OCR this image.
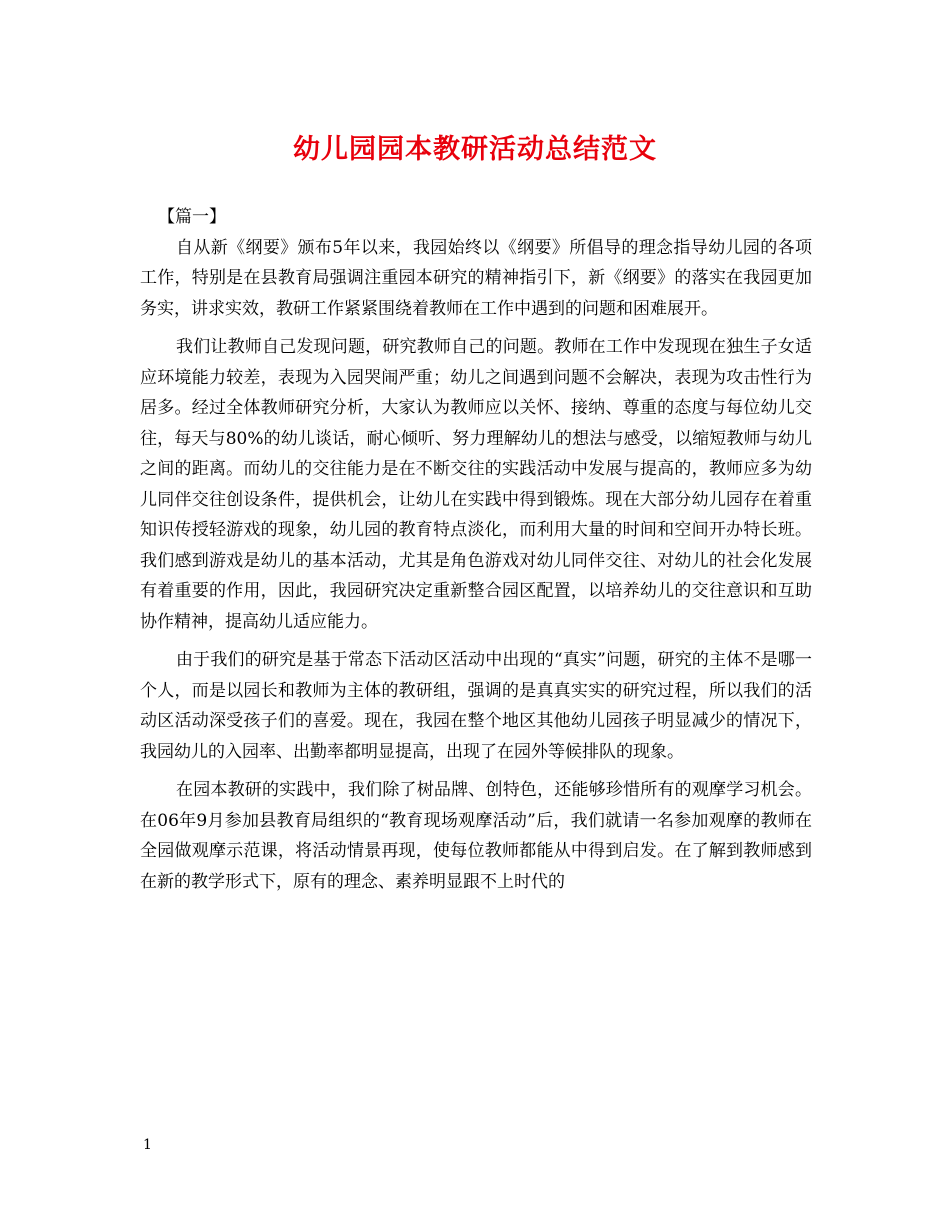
幼儿园园本教研活动总结范文

【篇一】

自从新《纲要》颁布5年以来，我园始终以《纲要》所倡导的理念指导幼儿园的各项工作，特别是在县教育局强调注重园本研究的精神指引下，新《纲要》的落实在我园更加务实，讲求实效，教研工作紧紧围绕着教师在工作中遇到的问题和困难展开。

我们让教师自己发现问题，研究教师自己的问题。教师在工作中发现现在独生子女适应环境能力较差，表现为入园哭闹严重；幼儿之间遇到问题不会解决，表现为攻击性行为居多。经过全体教师研究分析，大家认为教师应以关怀、接纳、尊重的态度与每位幼儿交往，每天与80%的幼儿谈话，耐心倾听、努力理解幼儿的想法与感受，以缩短教师与幼儿之间的距离。而幼儿的交往能力是在不断交往的实践活动中发展与提高的，教师应多为幼儿同伴交往创设条件，提供机会，让幼儿在实践中得到锻炼。现在大部分幼儿园存在着重知识传授轻游戏的现象，幼儿园的教育特点淡化，而利用大量的时间和空间开办特长班。我们感到游戏是幼儿的基本活动，尤其是角色游戏对幼儿同伴交往、对幼儿的社会化发展有着重要的作用，因此，我园研究决定重新整合园区配置，以培养幼儿的交往意识和互助协作精神，提高幼儿适应能力。

由于我们的研究是基于常态下活动区活动中出现的“真实”问题，研究的主体不是哪一个人，而是以园长和教师为主体的教研组，强调的是真真实实的研究过程，所以我们的活动区活动深受孩子们的喜爱。现在，我园在整个地区其他幼儿园孩子明显减少的情况下，我园幼儿的入园率、出勤率都明显提高，出现了在园外等候排队的现象。

在园本教研的实践中，我们除了树品牌、创特色，还能够珍惜所有的观摩学习机会。在06年9月参加县教育局组织的“教育现场观摩活动”后，我们就请一名参加观摩的教师在全园做观摩示范课，将活动情景再现，使每位教师都能从中得到启发。在了解到教师感到在新的教学形式下，原有的理念、素养明显跟不上时代的

1
